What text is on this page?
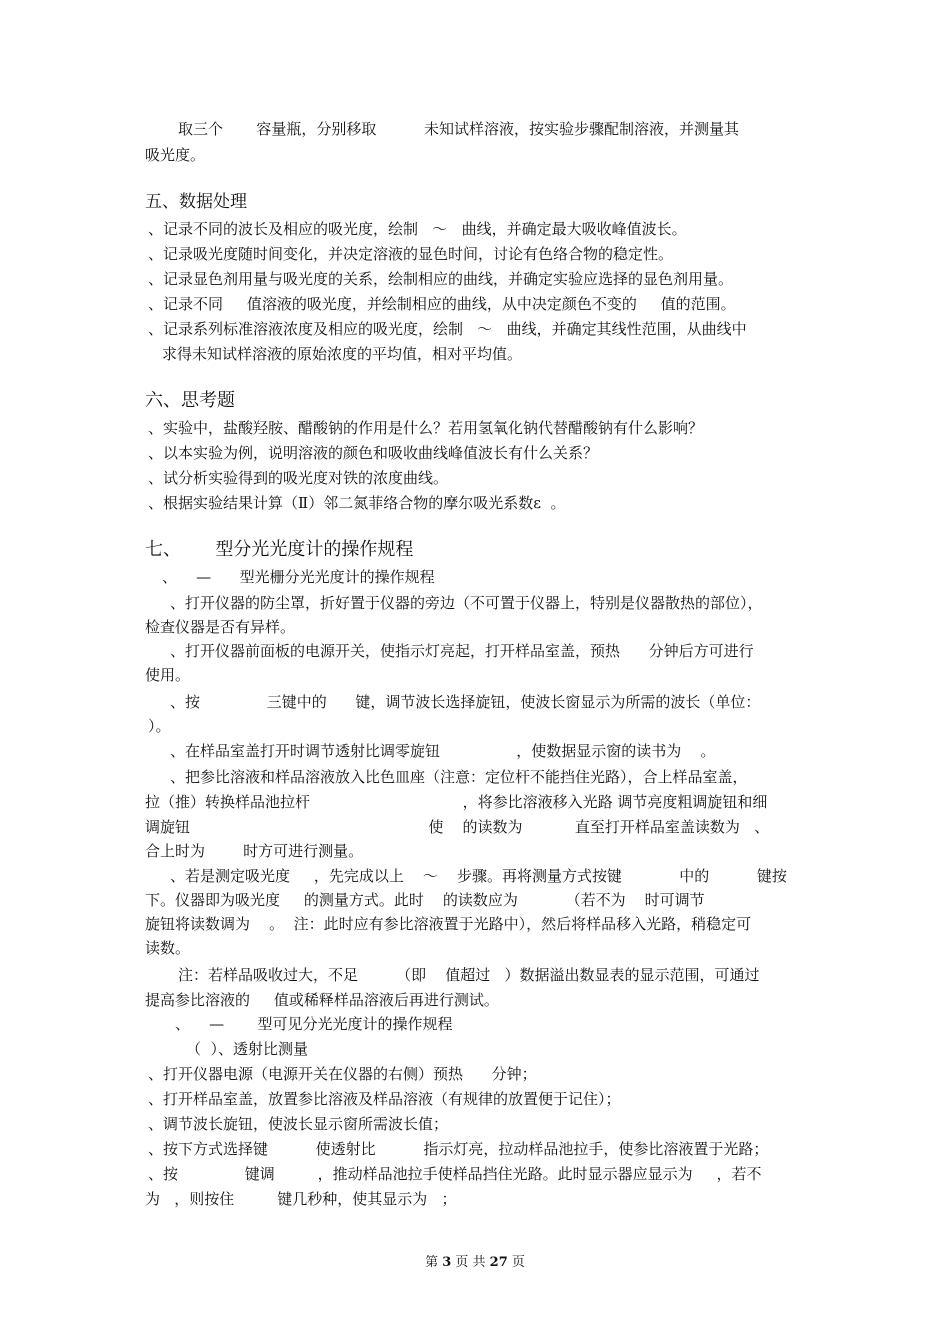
取三个       容量瓶，分别移取          未知试样溶液，按实验步骤配制溶液，并测量其
吸光度。
五、数据处理
、记录不同的波长及相应的吸光度，绘制   ～   曲线，并确定最大吸收峰值波长。
、记录吸光度随时间变化，并决定溶液的显色时间，讨论有色络合物的稳定性。
、记录显色剂用量与吸光度的关系，绘制相应的曲线，并确定实验应选择的显色剂用量。
、记录不同     值溶液的吸光度，并绘制相应的曲线，从中决定颜色不变的     值的范围。
、记录系列标准溶液浓度及相应的吸光度，绘制   ～   曲线，并确定其线性范围，从曲线中
求得未知试样溶液的原始浓度的平均值，相对平均值。
六、思考题
、实验中，盐酸羟胺、醋酸钠的作用是什么？若用氢氧化钠代替醋酸钠有什么影响？
、以本实验为例，说明溶液的颜色和吸收曲线峰值波长有什么关系？
、试分析实验得到的吸光度对铁的浓度曲线。
、根据实验结果计算（Ⅱ）邻二氮菲络合物的摩尔吸光系数ε  。
七、      型分光光度计的操作规程
、    —      型光栅分光光度计的操作规程
、打开仪器的防尘罩，折好置于仪器的旁边（不可置于仪器上，特别是仪器散热的部位），
检查仪器是否有异样。
、打开仪器前面板的电源开关，使指示灯亮起，打开样品室盖，预热      分钟后方可进行
使用。
、按              三键中的      键，调节波长选择旋钮，使波长窗显示为所需的波长（单位：
）。
、在样品室盖打开时调节透射比调零旋钮                ，使数据显示窗的读书为    。
、把参比溶液和样品溶液放入比色皿座（注意：定位杆不能挡住光路），合上样品室盖，
拉（推）转换样品池拉杆                                ，将参比溶液移入光路 调节亮度粗调旋钮和细
调旋钮                                                  使    的读数为           直至打开样品室盖读数为   、
合上时为        时方可进行测量。
、若是测定吸光度     ，先完成以上    ～    步骤。再将测量方式按键            中的          键按
下。仪器即为吸光度     的测量方式。此时    的读数应为          （若不为    时可调节
旋钮将读数调为    。  注：此时应有参比溶液置于光路中），然后将样品移入光路，稍稳定可
读数。
注：若样品吸收过大，不足        （即    值超过   ）数据溢出数显表的显示范围，可通过
提高参比溶液的     值或稀释样品溶液后再进行测试。
、    —       型可见分光光度计的操作规程
（  ）、透射比测量
、打开仪器电源（电源开关在仪器的右侧）预热      分钟；
、打开样品室盖，放置参比溶液及样品溶液（有规律的放置便于记住）；
、调节波长旋钮，使波长显示窗所需波长值；
、按下方式选择键          使透射比          指示灯亮，拉动样品池拉手，使参比溶液置于光路；
、按              键调         ，推动样品池拉手使样品挡住光路。此时显示器应显示为     ，若不
为   ，则按住         键几秒种，使其显示为   ；
第 3 页 共 27 页
